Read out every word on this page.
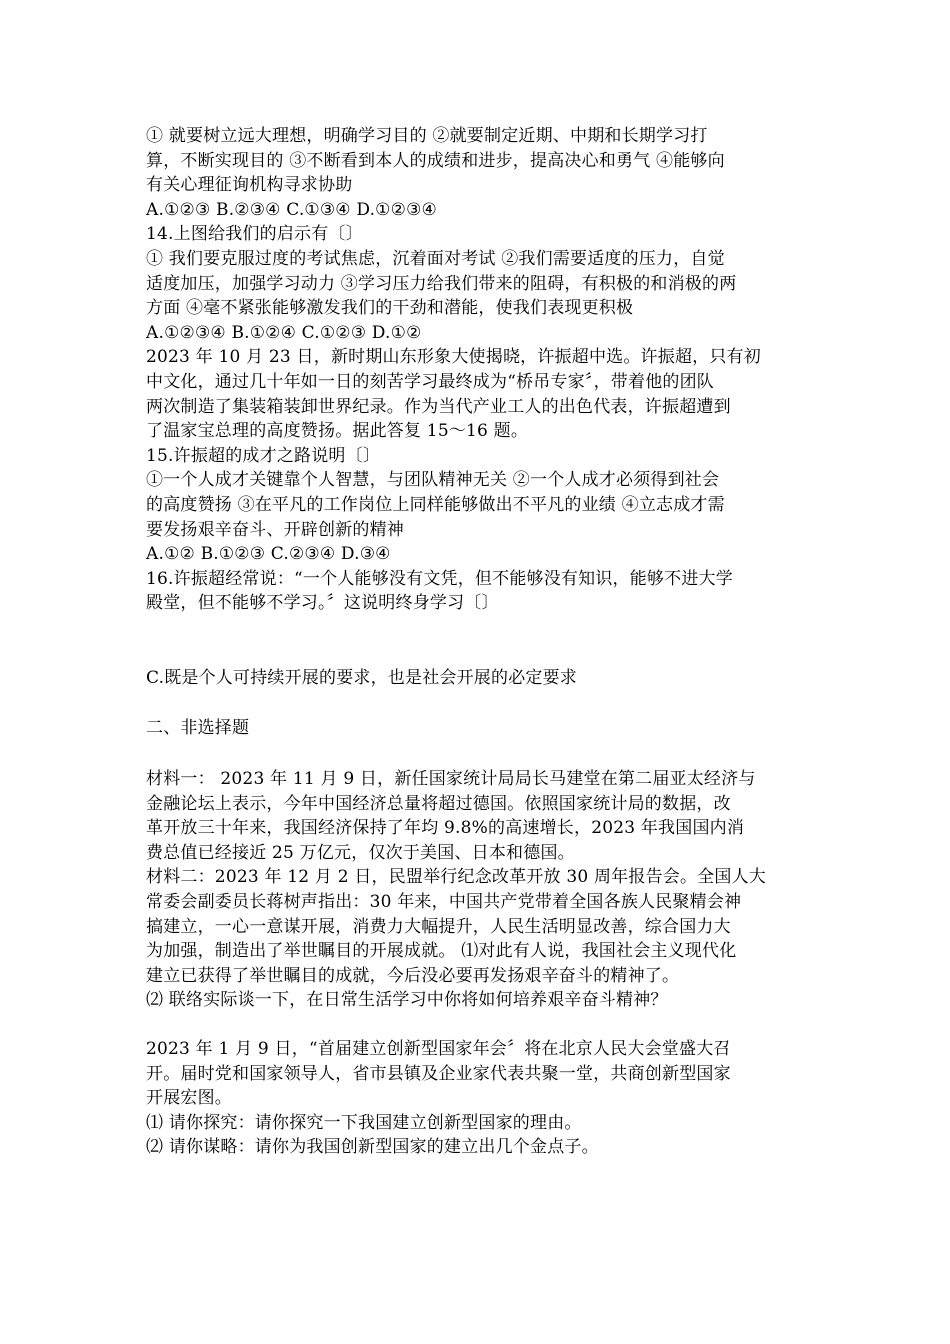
① 就要树立远大理想，明确学习目的 ②就要制定近期、中期和长期学习打
算，不断实现目的 ③不断看到本人的成绩和进步，提高决心和勇气 ④能够向
有关心理征询机构寻求协助
A.①②③ B.②③④ C.①③④ D.①②③④
14.上图给我们的启示有〔〕
① 我们要克服过度的考试焦虑，沉着面对考试 ②我们需要适度的压力，自觉
适度加压，加强学习动力 ③学习压力给我们带来的阻碍，有积极的和消极的两
方面 ④毫不紧张能够激发我们的干劲和潜能，使我们表现更积极
A.①②③④ B.①②④ C.①②③ D.①②
2023 年 10 月 23 日，新时期山东形象大使揭晓，许振超中选。许振超，只有初
中文化，通过几十年如一日的刻苦学习最终成为“桥吊专家〞，带着他的团队
两次制造了集装箱装卸世界纪录。作为当代产业工人的出色代表，许振超遭到
了温家宝总理的高度赞扬。据此答复 15～16 题。
15.许振超的成才之路说明〔〕
①一个人成才关键靠个人智慧，与团队精神无关 ②一个人成才必须得到社会
的高度赞扬 ③在平凡的工作岗位上同样能够做出不平凡的业绩 ④立志成才需
要发扬艰辛奋斗、开辟创新的精神
A.①② B.①②③ C.②③④ D.③④
16.许振超经常说：“一个人能够没有文凭，但不能够没有知识，能够不进大学
殿堂，但不能够不学习。〞这说明终身学习〔〕
C.既是个人可持续开展的要求，也是社会开展的必定要求
二、非选择题
材料一： 2023 年 11 月 9 日，新任国家统计局局长马建堂在第二届亚太经济与
金融论坛上表示，今年中国经济总量将超过德国。依照国家统计局的数据，改
革开放三十年来，我国经济保持了年均 9.8%的高速增长，2023 年我国国内消
费总值已经接近 25 万亿元，仅次于美国、日本和德国。
材料二：2023 年 12 月 2 日，民盟举行纪念改革开放 30 周年报告会。全国人大
常委会副委员长蒋树声指出：30 年来，中国共产党带着全国各族人民聚精会神
搞建立，一心一意谋开展，消费力大幅提升，人民生活明显改善，综合国力大
为加强，制造出了举世瞩目的开展成就。 ⑴对此有人说，我国社会主义现代化
建立已获得了举世瞩目的成就，今后没必要再发扬艰辛奋斗的精神了。
⑵ 联络实际谈一下，在日常生活学习中你将如何培养艰辛奋斗精神？
2023 年 1 月 9 日，“首届建立创新型国家年会〞将在北京人民大会堂盛大召
开。届时党和国家领导人，省市县镇及企业家代表共聚一堂，共商创新型国家
开展宏图。
⑴ 请你探究：请你探究一下我国建立创新型国家的理由。
⑵ 请你谋略：请你为我国创新型国家的建立出几个金点子。
